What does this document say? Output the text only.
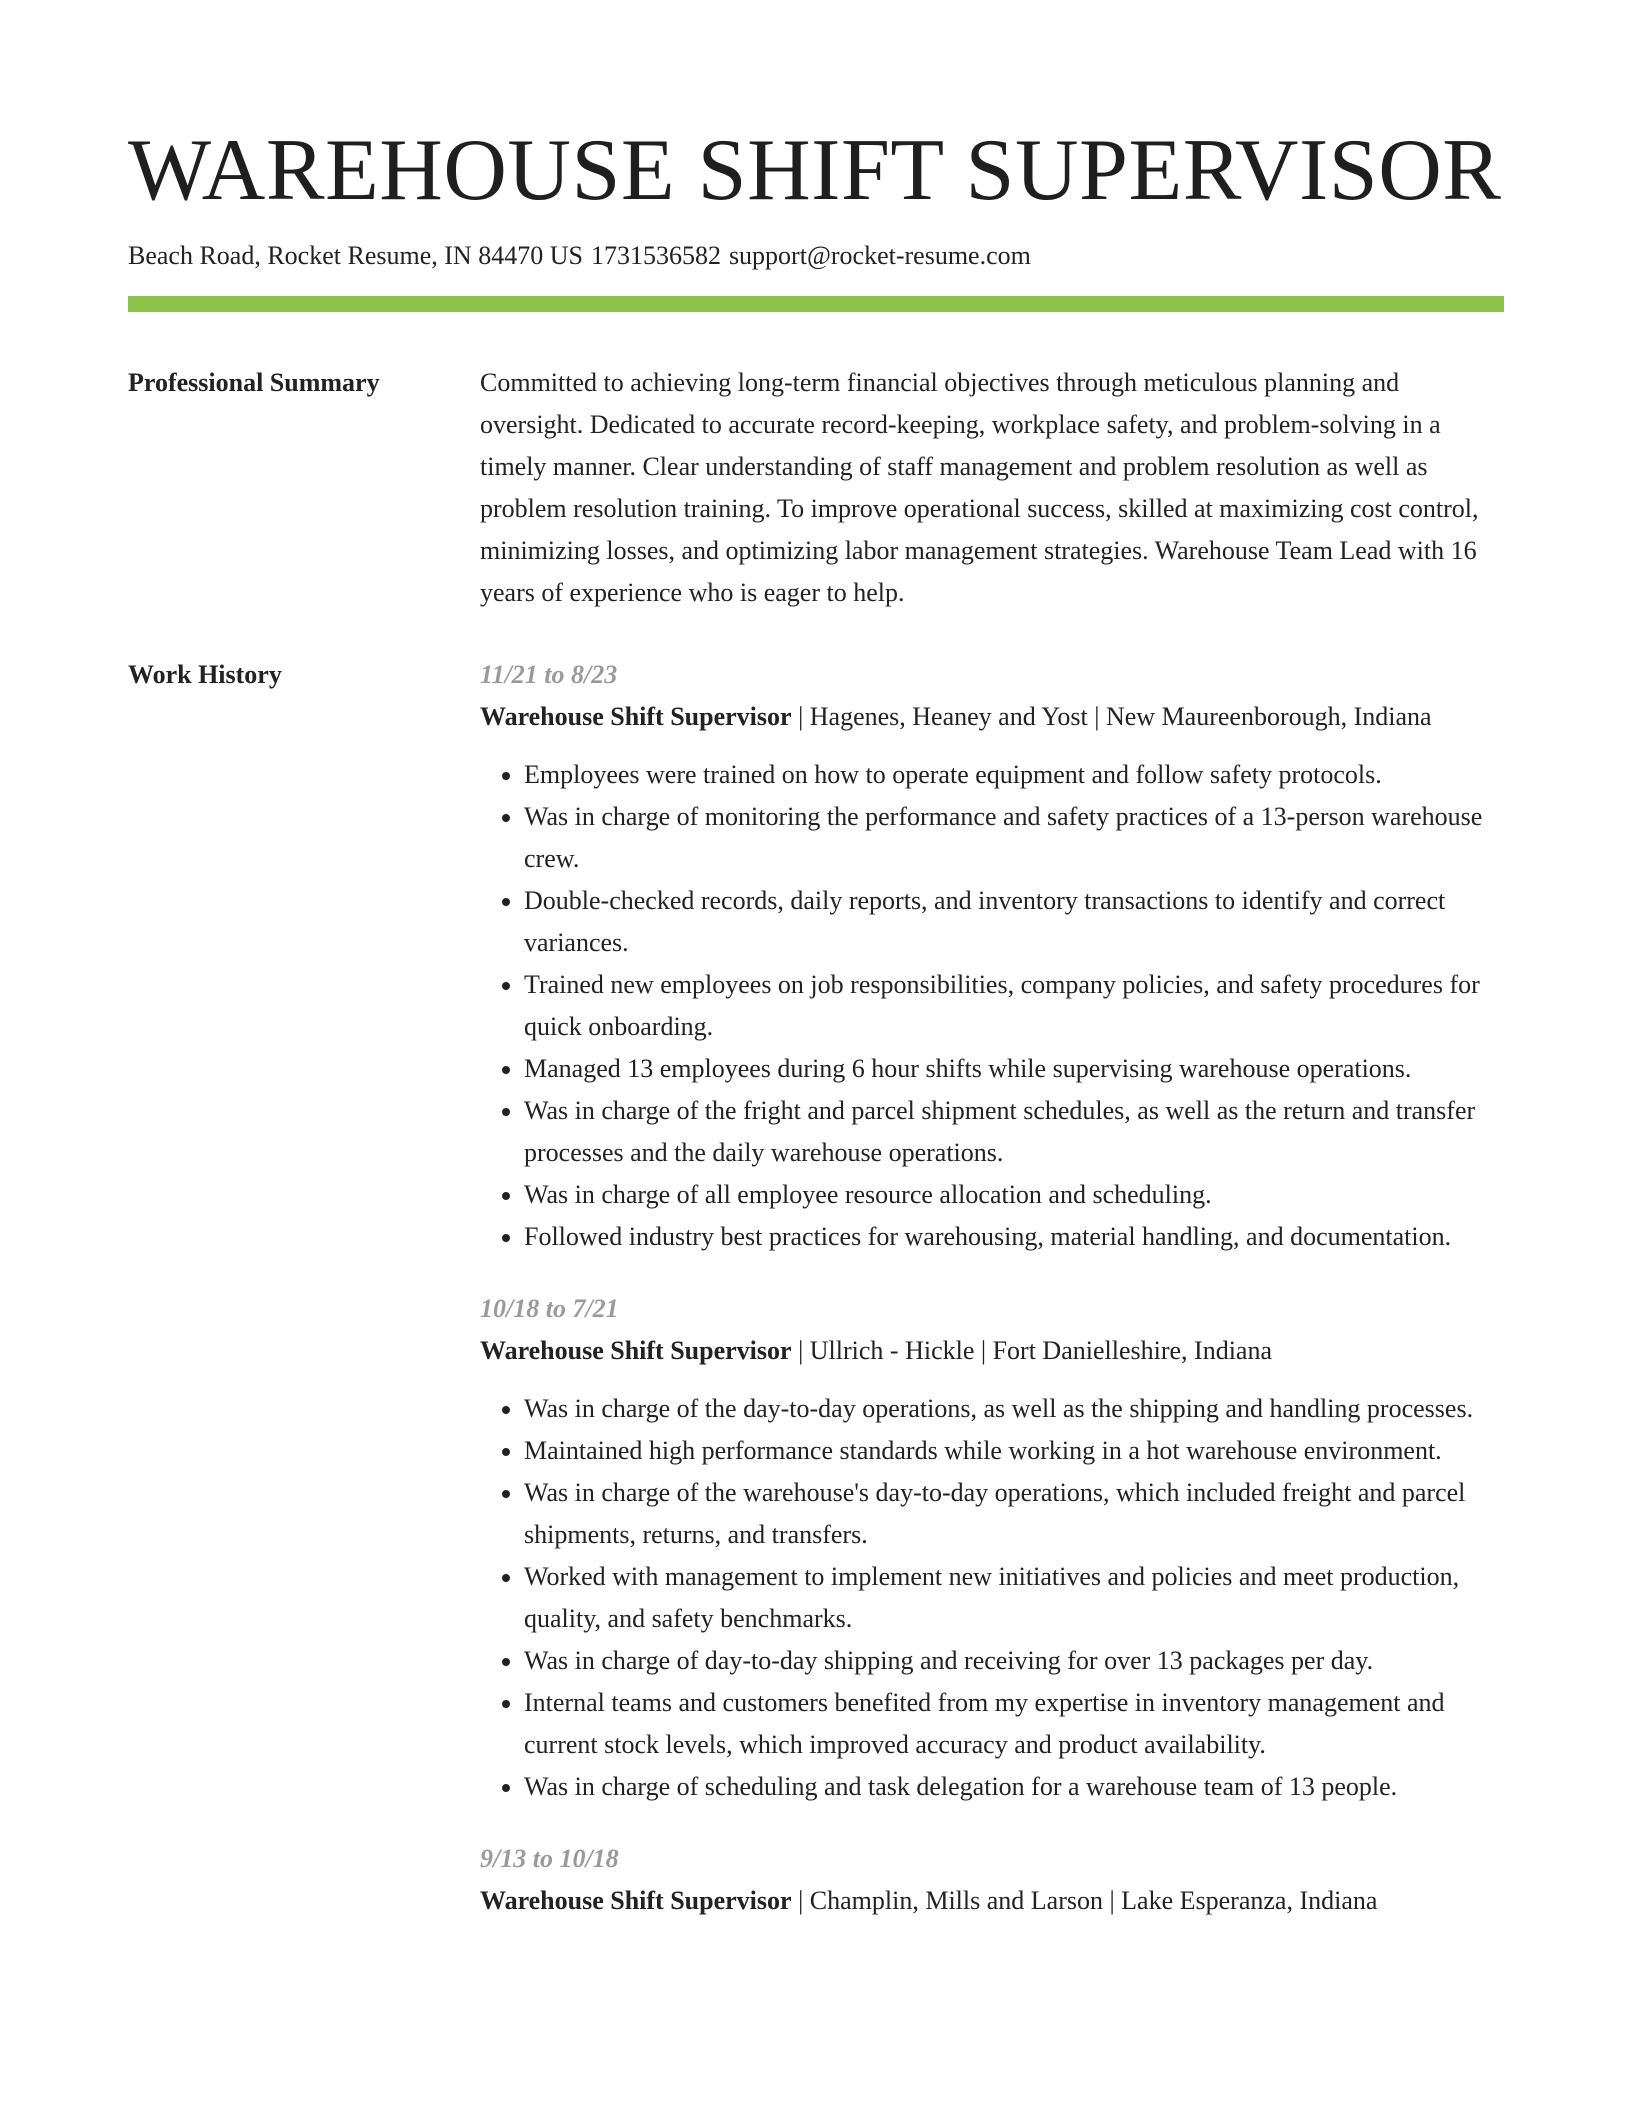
WAREHOUSE SHIFT SUPERVISOR
Beach Road, Rocket Resume, IN 84470 US 1731536582 support@rocket-resume.com
Professional Summary	Committed to achieving long-term financial objectives through meticulous planning and oversight. Dedicated to accurate record-keeping, workplace safety, and problem-solving in a timely manner. Clear understanding of staff management and problem resolution as well as problem resolution training. To improve operational success, skilled at maximizing cost control, minimizing losses, and optimizing labor management strategies. Warehouse Team Lead with 16 years of experience who is eager to help.
Work History	11/21 to 8/23
Warehouse Shift Supervisor | Hagenes, Heaney and Yost | New Maureenborough, Indiana
• Employees were trained on how to operate equipment and follow safety protocols.
• Was in charge of monitoring the performance and safety practices of a 13-person warehouse crew.
• Double-checked records, daily reports, and inventory transactions to identify and correct variances.
• Trained new employees on job responsibilities, company policies, and safety procedures for quick onboarding.
• Managed 13 employees during 6 hour shifts while supervising warehouse operations.
• Was in charge of the fright and parcel shipment schedules, as well as the return and transfer processes and the daily warehouse operations.
• Was in charge of all employee resource allocation and scheduling.
• Followed industry best practices for warehousing, material handling, and documentation.
10/18 to 7/21
Warehouse Shift Supervisor | Ullrich - Hickle | Fort Danielleshire, Indiana
• Was in charge of the day-to-day operations, as well as the shipping and handling processes.
• Maintained high performance standards while working in a hot warehouse environment.
• Was in charge of the warehouse's day-to-day operations, which included freight and parcel shipments, returns, and transfers.
• Worked with management to implement new initiatives and policies and meet production, quality, and safety benchmarks.
• Was in charge of day-to-day shipping and receiving for over 13 packages per day.
• Internal teams and customers benefited from my expertise in inventory management and current stock levels, which improved accuracy and product availability.
• Was in charge of scheduling and task delegation for a warehouse team of 13 people.
9/13 to 10/18
Warehouse Shift Supervisor | Champlin, Mills and Larson | Lake Esperanza, Indiana
